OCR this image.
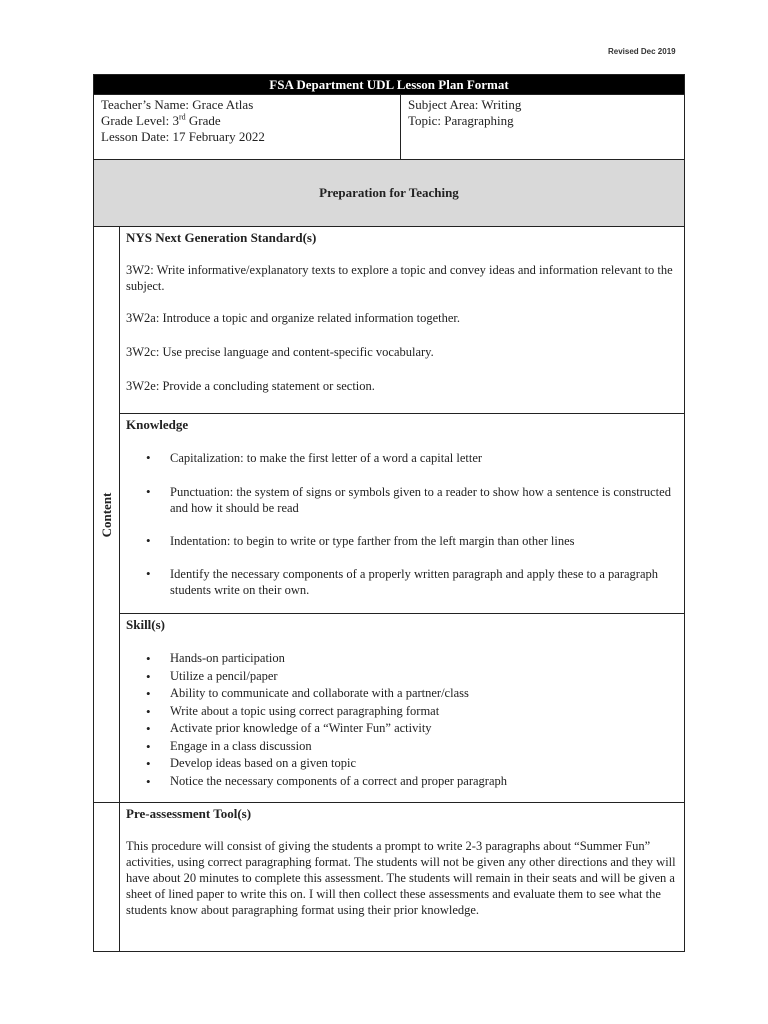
Revised Dec 2019
FSA Department UDL Lesson Plan Format
Teacher’s Name: Grace Atlas
Grade Level: 3rd Grade
Lesson Date: 17 February 2022
Subject Area: Writing
Topic: Paragraphing
Preparation for Teaching
Content
NYS Next Generation Standard(s)

3W2: Write informative/explanatory texts to explore a topic and convey ideas and information relevant to the subject.

3W2a: Introduce a topic and organize related information together.

3W2c: Use precise language and content-specific vocabulary.

3W2e: Provide a concluding statement or section.

Knowledge
• Capitalization: to make the first letter of a word a capital letter
• Punctuation: the system of signs or symbols given to a reader to show how a sentence is constructed and how it should be read
• Indentation: to begin to write or type farther from the left margin than other lines
• Identify the necessary components of a properly written paragraph and apply these to a paragraph students write on their own.
Skill(s)
• Hands-on participation
• Utilize a pencil/paper
• Ability to communicate and collaborate with a partner/class
• Write about a topic using correct paragraphing format
• Activate prior knowledge of a “Winter Fun” activity
• Engage in a class discussion
• Develop ideas based on a given topic
• Notice the necessary components of a correct and proper paragraph
Pre-assessment Tool(s)

This procedure will consist of giving the students a prompt to write 2-3 paragraphs about “Summer Fun” activities, using correct paragraphing format. The students will not be given any other directions and they will have about 20 minutes to complete this assessment. The students will remain in their seats and will be given a sheet of lined paper to write this on. I will then collect these assessments and evaluate them to see what the students know about paragraphing format using their prior knowledge.
